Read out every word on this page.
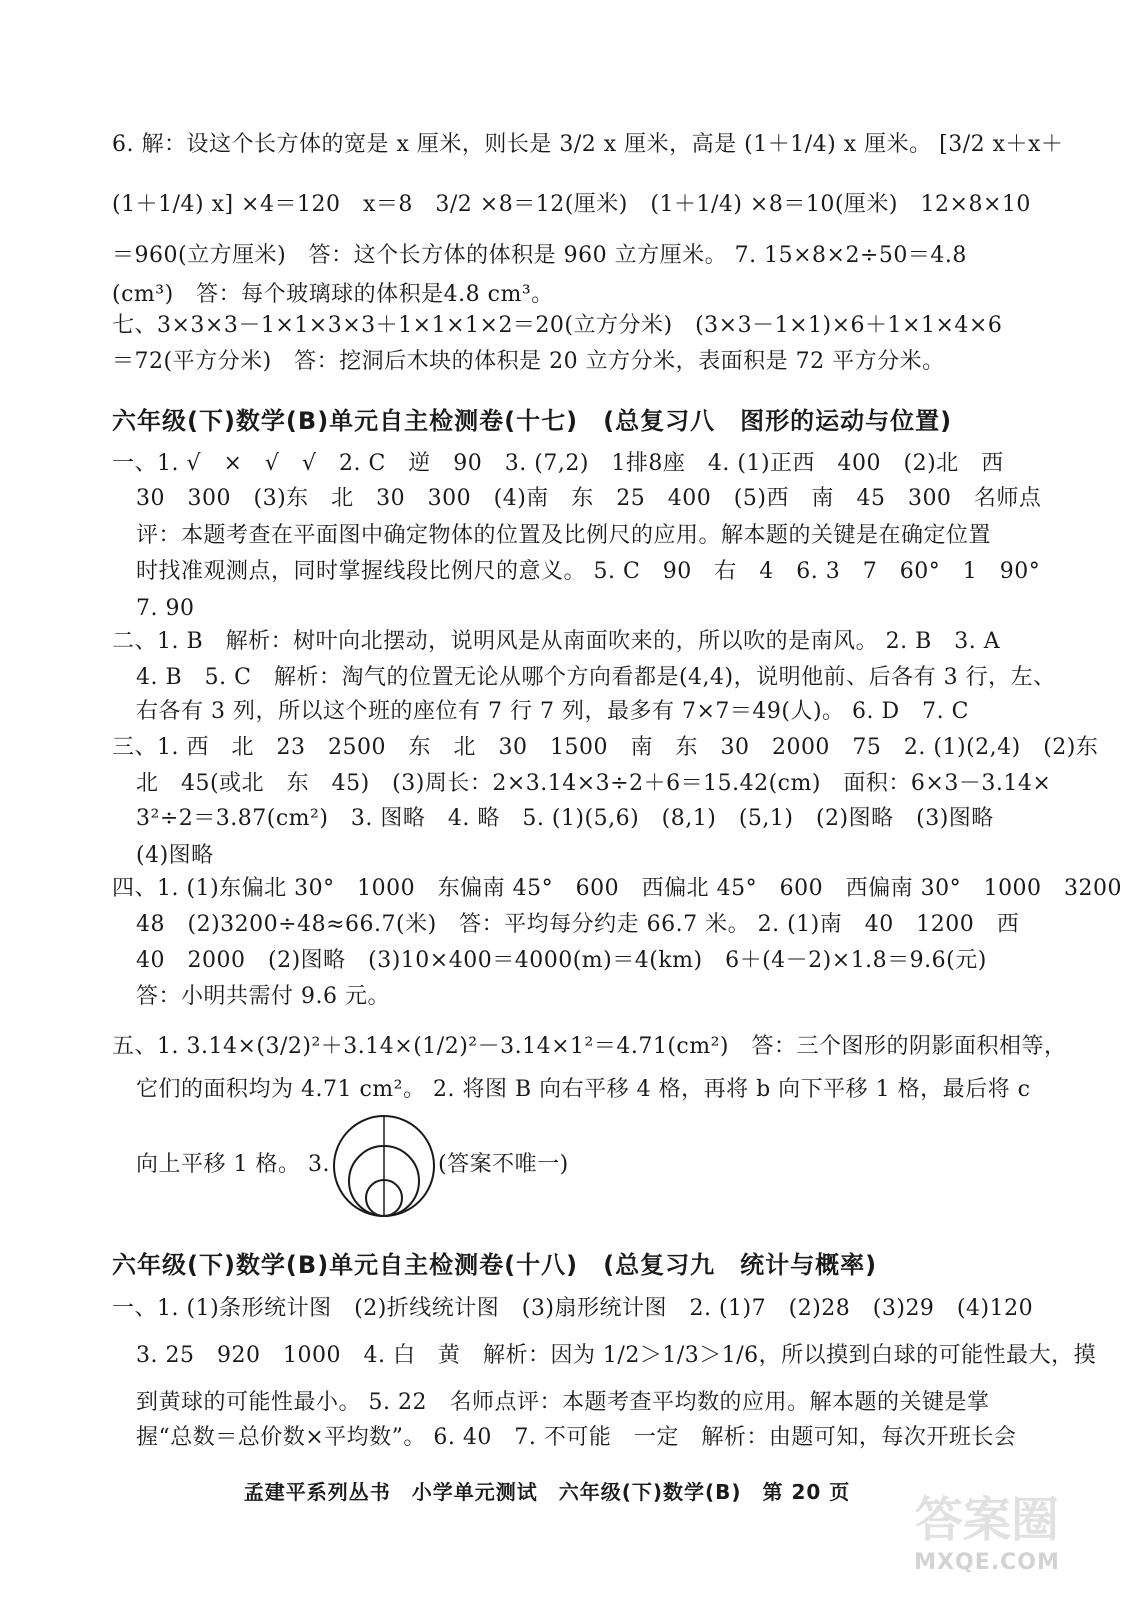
6. 解：设这个长方体的宽是 x 厘米，则长是 3/2 x 厘米，高是 (1＋1/4) x 厘米。 [3/2 x＋x＋
(1＋1/4) x] ×4＝120　x＝8　3/2 ×8＝12(厘米)　(1＋1/4) ×8＝10(厘米)　12×8×10
＝960(立方厘米)　答：这个长方体的体积是 960 立方厘米。 7. 15×8×2÷50＝4.8
(cm³)　答：每个玻璃球的体积是4.8 cm³。
七、3×3×3－1×1×3×3＋1×1×1×2＝20(立方分米)　(3×3－1×1)×6＋1×1×4×6
＝72(平方分米)　答：挖洞后木块的体积是 20 立方分米，表面积是 72 平方分米。
六年级(下)数学(B)单元自主检测卷(十七)　(总复习八　图形的运动与位置)
一、1. √　×　√　√　2. C　逆　90　3. (7,2)　1排8座　4. (1)正西　400　(2)北　西
30　300　(3)东　北　30　300　(4)南　东　25　400　(5)西　南　45　300　名师点
评：本题考查在平面图中确定物体的位置及比例尺的应用。解本题的关键是在确定位置
时找准观测点，同时掌握线段比例尺的意义。 5. C　90　右　4　6. 3　7　60°　1　90°
7. 90
二、1. B　解析：树叶向北摆动，说明风是从南面吹来的，所以吹的是南风。 2. B　3. A
4. B　5. C　解析：淘气的位置无论从哪个方向看都是(4,4)，说明他前、后各有 3 行，左、
右各有 3 列，所以这个班的座位有 7 行 7 列，最多有 7×7＝49(人)。 6. D　7. C
三、1. 西　北　23　2500　东　北　30　1500　南　东　30　2000　75　2. (1)(2,4)　(2)东
北　45(或北　东　45)　(3)周长：2×3.14×3÷2＋6＝15.42(cm)　面积：6×3－3.14×
3²÷2＝3.87(cm²)　3. 图略　4. 略　5. (1)(5,6)　(8,1)　(5,1)　(2)图略　(3)图略
(4)图略
四、1. (1)东偏北 30°　1000　东偏南 45°　600　西偏北 45°　600　西偏南 30°　1000　3200
48　(2)3200÷48≈66.7(米)　答：平均每分约走 66.7 米。 2. (1)南　40　1200　西
40　2000　(2)图略　(3)10×400＝4000(m)＝4(km)　6＋(4－2)×1.8＝9.6(元)
答：小明共需付 9.6 元。
五、1. 3.14×(3/2)²＋3.14×(1/2)²－3.14×1²＝4.71(cm²)　答：三个图形的阴影面积相等，
它们的面积均为 4.71 cm²。 2. 将图 B 向右平移 4 格，再将 b 向下平移 1 格，最后将 c
向上平移 1 格。 3.	(答案不唯一)
六年级(下)数学(B)单元自主检测卷(十八)　(总复习九　统计与概率)
一、1. (1)条形统计图　(2)折线统计图　(3)扇形统计图　2. (1)7　(2)28　(3)29　(4)120
3. 25　920　1000　4. 白　黄　解析：因为 1/2＞1/3＞1/6，所以摸到白球的可能性最大，摸
到黄球的可能性最小。 5. 22　名师点评：本题考查平均数的应用。解本题的关键是掌
握“总数＝总价数×平均数”。 6. 40　7. 不可能　一定　解析：由题可知，每次开班长会
孟建平系列丛书　小学单元测试　六年级(下)数学(B)　第 20 页	答案圈
MXQE.COM
